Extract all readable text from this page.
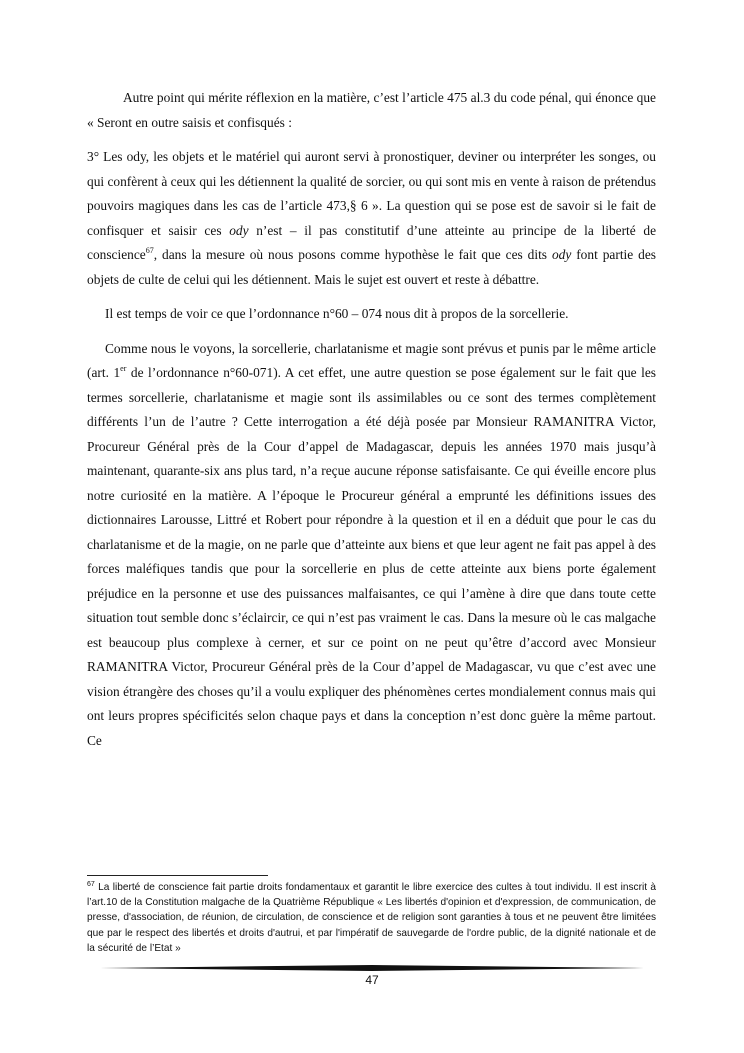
Autre point qui mérite réflexion en la matière, c’est l’article 475 al.3 du code pénal, qui énonce que « Seront en outre saisis et confisqués :

3° Les ody, les objets et le matériel qui auront servi à pronostiquer, deviner ou interpréter les songes, ou qui confèrent à ceux qui les détiennent la qualité de sorcier, ou qui sont mis en vente à raison de prétendus pouvoirs magiques dans les cas de l’article 473,§ 6 ». La question qui se pose est de savoir si le fait de confisquer et saisir ces ody n’est – il pas constitutif d’une atteinte au principe de la liberté de conscience$^{67}$, dans la mesure où nous posons comme hypothèse le fait que ces dits ody font partie des objets de culte de celui qui les détiennent. Mais le sujet est ouvert et reste à débattre.

Il est temps de voir ce que l’ordonnance n°60 – 074 nous dit à propos de la sorcellerie.

Comme nous le voyons, la sorcellerie, charlatanisme et magie sont prévus et punis par le même article (art. 1er de l’ordonnance n°60-071). A cet effet, une autre question se pose également sur le fait que les termes sorcellerie, charlatanisme et magie sont ils assimilables ou ce sont des termes complètement différents l’un de l’autre ? Cette interrogation a été déjà posée par Monsieur RAMANITRA Victor, Procureur Général près de la Cour d’appel de Madagascar, depuis les années 1970 mais jusqu’à maintenant, quarante-six ans plus tard, n’a reçue aucune réponse satisfaisante. Ce qui éveille encore plus notre curiosité en la matière. A l’époque le Procureur général a emprunté les définitions issues des dictionnaires Larousse, Littré et Robert pour répondre à la question et il en a déduit que pour le cas du charlatanisme et de la magie, on ne parle que d’atteinte aux biens et que leur agent ne fait pas appel à des forces maléfiques tandis que pour la sorcellerie en plus de cette atteinte aux biens porte également préjudice en la personne et use des puissances malfaisantes, ce qui l’amène à dire que dans toute cette situation tout semble donc s’éclaircir, ce qui n’est pas vraiment le cas. Dans la mesure où le cas malgache est beaucoup plus complexe à cerner, et sur ce point on ne peut qu’être d’accord avec Monsieur RAMANITRA Victor, Procureur Général près de la Cour d’appel de Madagascar, vu que c’est avec une vision étrangère des choses qu’il a voulu expliquer des phénomènes certes mondialement connus mais qui ont leurs propres spécificités selon chaque pays et dans la conception n’est donc guère la même partout. Ce

$^{67}$ La liberté de conscience fait partie droits fondamentaux et garantit le libre exercice des cultes à tout individu. Il est inscrit à l’art.10 de la Constitution malgache de la Quatrième République « Les libertés d'opinion et d'expression, de communication, de presse, d'association, de réunion, de circulation, de conscience et de religion sont garanties à tous et ne peuvent être limitées que par le respect des libertés et droits d'autrui, et par l'impératif de sauvegarde de l'ordre public, de la dignité nationale et de la sécurité de l’Etat »
47
